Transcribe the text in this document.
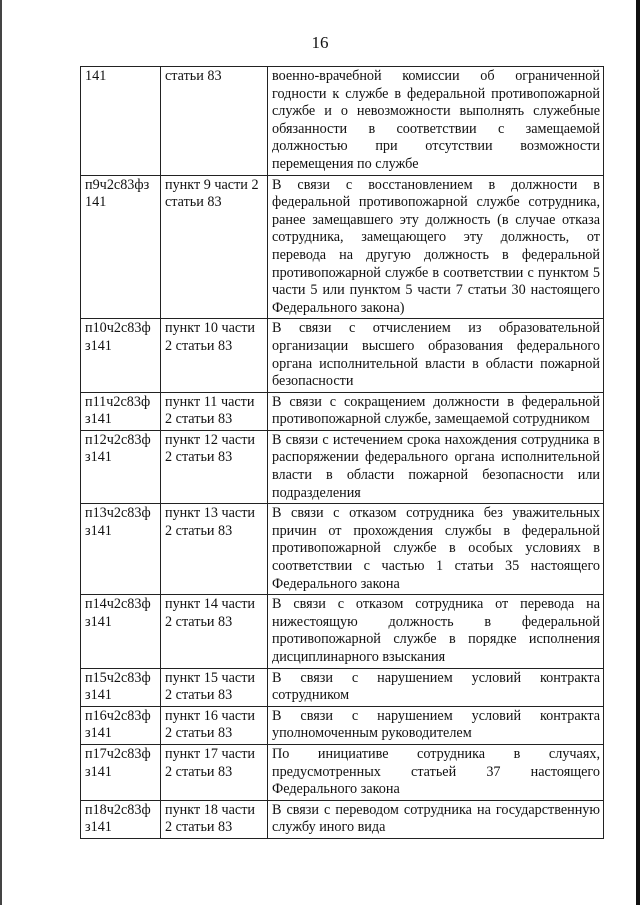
16
141	статьи 83	военно-врачебной комиссии об ограниченной годности к службе в федеральной противопожарной службе и о невозможности выполнять служебные обязанности в соответствии с замещаемой должностью при отсутствии возможности перемещения по службе
п9ч2с83фз 141	пункт 9 части 2 статьи 83	В связи с восстановлением в должности в федеральной противопожарной службе сотрудника, ранее замещавшего эту должность (в случае отказа сотрудника, замещающего эту должность, от перевода на другую должность в федеральной противопожарной службе в соответствии с пунктом 5 части 5 или пунктом 5 части 7 статьи 30 настоящего Федерального закона)
п10ч2с83ф з141	пункт 10 части 2 статьи 83	В связи с отчислением из образовательной организации высшего образования федерального органа исполнительной власти в области пожарной безопасности
п11ч2с83ф з141	пункт 11 части 2 статьи 83	В связи с сокращением должности в федеральной противопожарной службе, замещаемой сотрудником
п12ч2с83ф з141	пункт 12 части 2 статьи 83	В связи с истечением срока нахождения сотрудника в распоряжении федерального органа исполнительной власти в области пожарной безопасности или подразделения
п13ч2с83ф з141	пункт 13 части 2 статьи 83	В связи с отказом сотрудника без уважительных причин от прохождения службы в федеральной противопожарной службе в особых условиях в соответствии с частью 1 статьи 35 настоящего Федерального закона
п14ч2с83ф з141	пункт 14 части 2 статьи 83	В связи с отказом сотрудника от перевода на нижестоящую должность в федеральной противопожарной службе в порядке исполнения дисциплинарного взыскания
п15ч2с83ф з141	пункт 15 части 2 статьи 83	В связи с нарушением условий контракта сотрудником
п16ч2с83ф з141	пункт 16 части 2 статьи 83	В связи с нарушением условий контракта уполномоченным руководителем
п17ч2с83ф з141	пункт 17 части 2 статьи 83	По инициативе сотрудника в случаях, предусмотренных статьей 37 настоящего Федерального закона
п18ч2с83ф з141	пункт 18 части 2 статьи 83	В связи с переводом сотрудника на государственную службу иного вида
